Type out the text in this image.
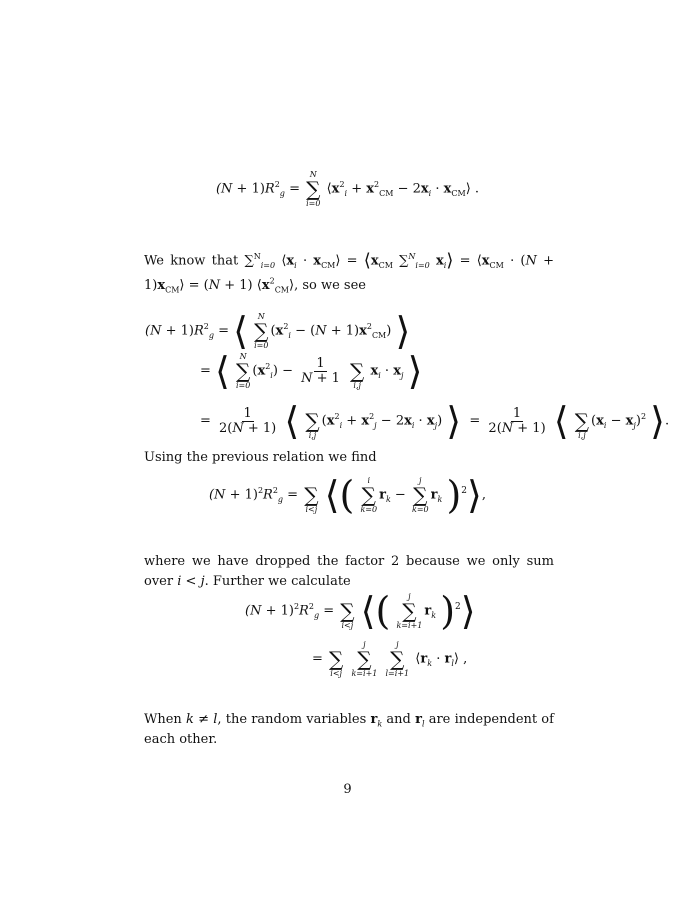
$(N + 1)R^2_g$ =
N
∑
i=0
$⟨x^2_i + x^2_{CM} - 2x_i$ · $x_{CM}⟩$ .
We know that ∑$^N_{i=0}$ $⟨x_i$ · $x_{CM}⟩$ = $⟨x_{CM}$ ∑$^N_{i=0}$ $x_i⟩$ = $⟨x_{CM} \cdot (N$ + $1)x_{CM}⟩ = (N + 1)$ $⟨x^2_{CM}⟩$, so we see
$(N + 1)R^2_g$ = ⟨ N
∑
i=0
$(x^2_i - (N + 1)x^2_{CM})$ ⟩
= ⟨ N
∑
i=0
$(x^2_i) - \frac{1}{N + 1}$

∑
i,j
$x_i \cdot x_j$ ⟩
= $\frac{1}{2(N + 1)}$ ⟨
∑
i,j
$(x^2_i + x^2_j - 2x_i \cdot x_j)$ ⟩  = $\frac{1}{2(N + 1)}$ ⟨
∑
i,j
$(x_i - x_j)^2$ ⟩.
Using the previous relation we find
$(N + 1)^2R^2_g$ =
∑
i<j ⟨( i
∑
k=0
$r_k$ −
j
∑
k=0
$r_k$ )$^2$⟩,
where we have dropped the factor 2 because we only sum over i < j. Further we calculate
$(N + 1)^2R^2_g$ =
∑
i<j ⟨( j
∑
k=i+1
$r_k$ )$^2$⟩
=
∑
i<j

j
∑
k=i+1

j
∑
l=i+1
$⟨r_k$ · $r_l⟩$ ,
When k ≠ l, the random variables $r_k$ and $r_l$ are independent of each other.
9
